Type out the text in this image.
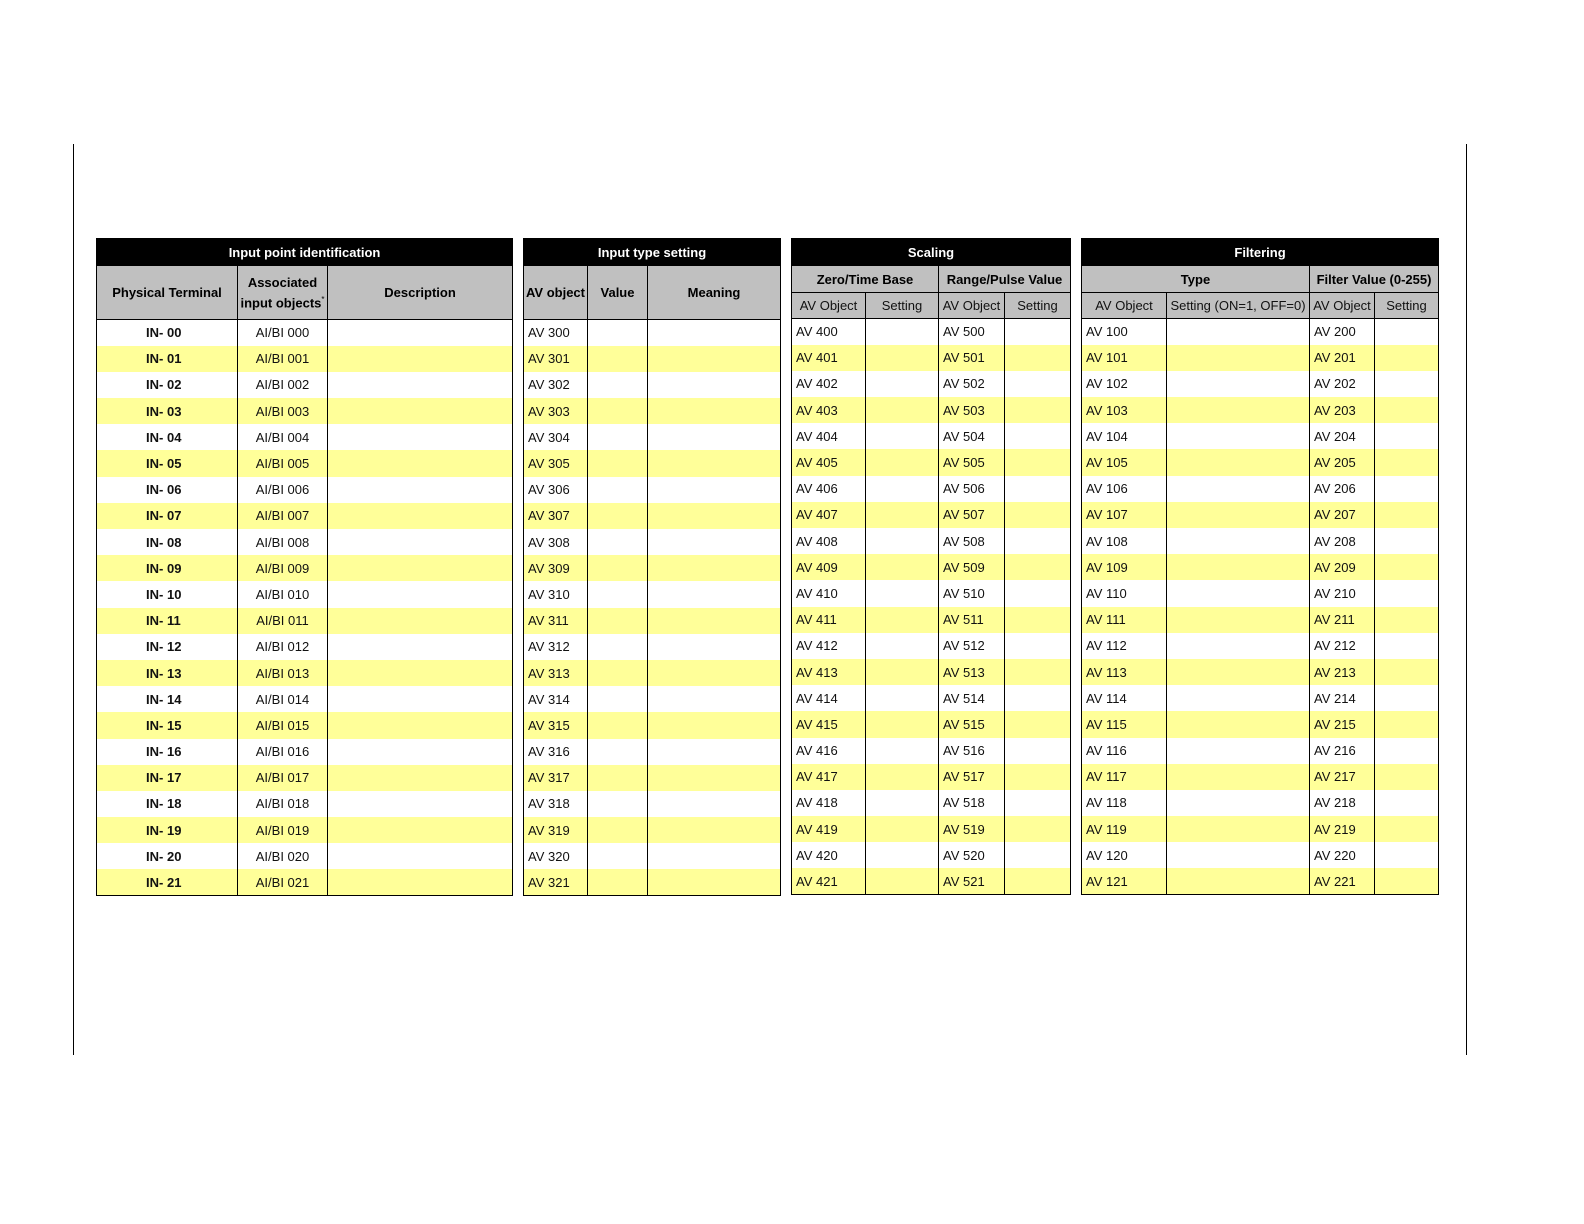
Input point identification		
Physical Terminal	Associated input objects*	Description
IN- 00	AI/BI 000	
IN- 01	AI/BI 001	
IN- 02	AI/BI 002	
IN- 03	AI/BI 003	
IN- 04	AI/BI 004	
IN- 05	AI/BI 005	
IN- 06	AI/BI 006	
IN- 07	AI/BI 007	
IN- 08	AI/BI 008	
IN- 09	AI/BI 009	
IN- 10	AI/BI 010	
IN- 11	AI/BI 011	
IN- 12	AI/BI 012	
IN- 13	AI/BI 013	
IN- 14	AI/BI 014	
IN- 15	AI/BI 015	
IN- 16	AI/BI 016	
IN- 17	AI/BI 017	
IN- 18	AI/BI 018	
IN- 19	AI/BI 019	
IN- 20	AI/BI 020	
IN- 21	AI/BI 021	
Input type setting		
AV object	Value	Meaning
AV 300		
AV 301		
AV 302		
AV 303		
AV 304		
AV 305		
AV 306		
AV 307		
AV 308		
AV 309		
AV 310		
AV 311		
AV 312		
AV 313		
AV 314		
AV 315		
AV 316		
AV 317		
AV 318		
AV 319		
AV 320		
AV 321		
Scaling			
Zero/Time Base		Range/Pulse Value	
AV Object	Setting	AV Object	Setting
AV 400		AV 500	
AV 401		AV 501	
AV 402		AV 502	
AV 403		AV 503	
AV 404		AV 504	
AV 405		AV 505	
AV 406		AV 506	
AV 407		AV 507	
AV 408		AV 508	
AV 409		AV 509	
AV 410		AV 510	
AV 411		AV 511	
AV 412		AV 512	
AV 413		AV 513	
AV 414		AV 514	
AV 415		AV 515	
AV 416		AV 516	
AV 417		AV 517	
AV 418		AV 518	
AV 419		AV 519	
AV 420		AV 520	
AV 421		AV 521	
Filtering			
Type		Filter Value (0-255)	
AV Object	Setting (ON=1, OFF=0)	AV Object	Setting
AV 100		AV 200	
AV 101		AV 201	
AV 102		AV 202	
AV 103		AV 203	
AV 104		AV 204	
AV 105		AV 205	
AV 106		AV 206	
AV 107		AV 207	
AV 108		AV 208	
AV 109		AV 209	
AV 110		AV 210	
AV 111		AV 211	
AV 112		AV 212	
AV 113		AV 213	
AV 114		AV 214	
AV 115		AV 215	
AV 116		AV 216	
AV 117		AV 217	
AV 118		AV 218	
AV 119		AV 219	
AV 120		AV 220	
AV 121		AV 221	
